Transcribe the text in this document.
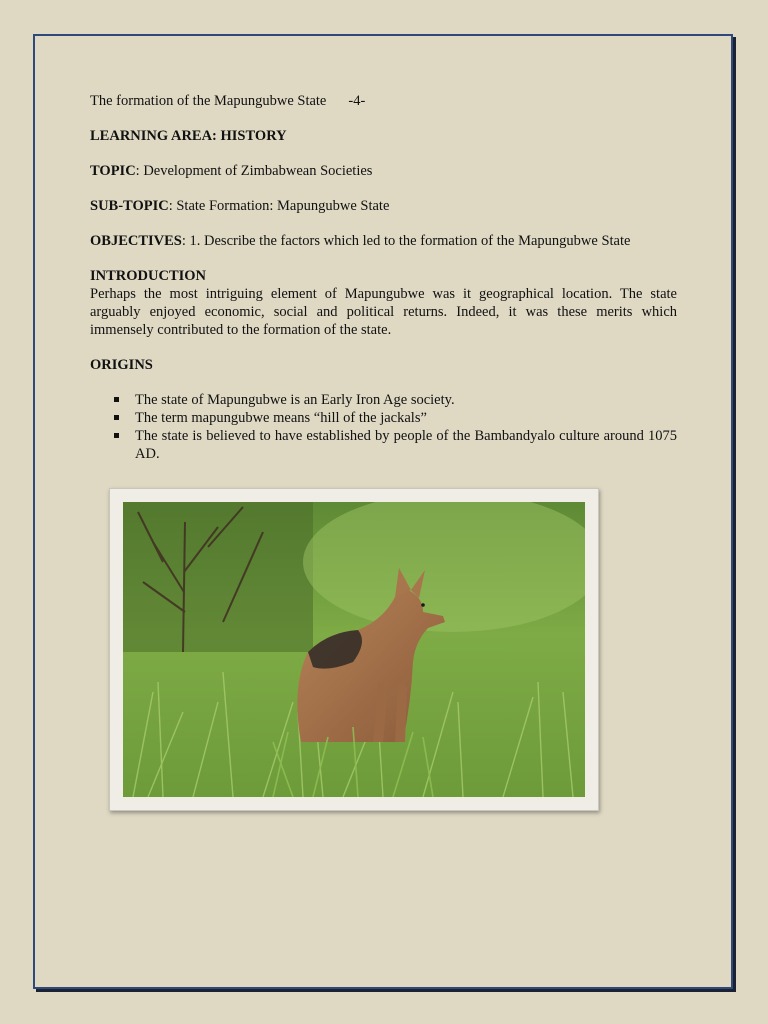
The formation of the Mapungubwe State -4-

LEARNING AREA: HISTORY

TOPIC: Development of Zimbabwean Societies

SUB-TOPIC: State Formation: Mapungubwe State

OBJECTIVES: 1. Describe the factors which led to the formation of the Mapungubwe State

INTRODUCTION

Perhaps the most intriguing element of Mapungubwe was it geographical location. The state arguably enjoyed economic, social and political returns. Indeed, it was these merits which immensely contributed to the formation of the state.

ORIGINS

The state of Mapungubwe is an Early Iron Age society.
The term mapungubwe means “hill of the jackals”
The state is believed to have established by people of the Bambandyalo culture around 1075 AD.
